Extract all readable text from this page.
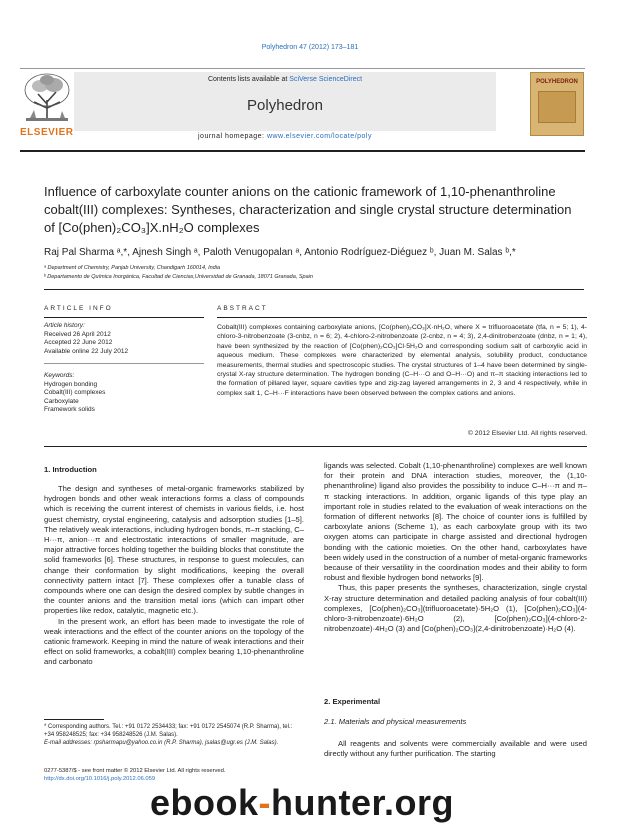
Polyhedron 47 (2012) 173–181
ELSEVIER
Contents lists available at SciVerse ScienceDirect
Polyhedron
journal homepage: www.elsevier.com/locate/poly
POLYHEDRON
Influence of carboxylate counter anions on the cationic framework of 1,10-phenanthroline cobalt(III) complexes: Syntheses, characterization and single crystal structure determination of [Co(phen)₂CO₃]X.nH₂O complexes
Raj Pal Sharma ᵃ,*, Ajnesh Singh ᵃ, Paloth Venugopalan ᵃ, Antonio Rodríguez-Diéguez ᵇ, Juan M. Salas ᵇ,*
ᵃ Department of Chemistry, Panjab University, Chandigarh 160014, India
ᵇ Departamento de Química Inorgánica, Facultad de Ciencias,Universidad de Granada, 18071 Granada, Spain
ARTICLE INFO
Article history:
Received 26 April 2012
Accepted 22 June 2012
Available online 22 July 2012
Keywords:
Hydrogen bonding
Cobalt(III) complexes
Carboxylate
Framework solids
ABSTRACT
Cobalt(III) complexes containing carboxylate anions, [Co(phen)₂CO₃]X·nH₂O, where X = trifluoroacetate (tfa, n = 5; 1), 4-chloro-3-nitrobenzoate (3-cnbz, n = 6; 2), 4-chloro-2-nitrobenzoate (2-cnbz, n = 4; 3), 2,4-dinitrobenzoate (dnbz, n = 1; 4), have been synthesized by the reaction of [Co(phen)₂CO₃]Cl·5H₂O and corresponding sodium salt of carboxylic acid in aqueous medium. These complexes were characterized by elemental analysis, solubility product, conductance measurements, thermal studies and spectroscopic studies. The crystal structures of 1–4 have been determined by single-crystal X-ray structure determination. The hydrogen bonding (C–H···O and O–H···O) and π–π stacking interactions led to the formation of pillared layer, square cavities type and zig-zag layered arrangements in 2, 3 and 4 respectively, while in complex salt 1, C–H···F interactions have been observed between the complex cations and anions.
© 2012 Elsevier Ltd. All rights reserved.
1. Introduction

The design and syntheses of metal-organic frameworks stabilized by hydrogen bonds and other weak interactions forms a class of compounds which is receiving the current interest of chemists in various fields, i.e. host guest chemistry, crystal engineering, catalysis and adsorption studies [1–5]. The relatively weak interactions, including hydrogen bonds, π–π stacking, C–H···π, anion···π and electrostatic interactions of smaller magnitude, are major attractive forces holding together the building blocks that constitute the solid frameworks [6]. These structures, in response to guest molecules, can change their conformation by slight modifications, keeping the overall connectivity pattern intact [7]. These complexes offer a tunable class of compounds where one can design the desired complex by subtle changes in the counter anions and the transition metal ions (which can impart other properties like redox, catalytic, magnetic etc.).

In the present work, an effort has been made to investigate the role of weak interactions and the effect of the counter anions on the topology of the cationic framework. Keeping in mind the nature of weak interactions and their effect on solid frameworks, a cobalt(III) complex bearing 1,10-phenanthroline and carbonato

* Corresponding authors. Tel.: +91 0172 2534433; fax: +91 0172 2545074 (R.P. Sharma), tel.: +34 958248525; fax: +34 958248526 (J.M. Salas).
E-mail addresses: rpsharmapu@yahoo.co.in (R.P. Sharma), jsalas@ugr.es (J.M. Salas).
0277-5387/$ - see front matter © 2012 Elsevier Ltd. All rights reserved.
http://dx.doi.org/10.1016/j.poly.2012.06.059

ligands was selected. Cobalt (1,10-phenanthroline) complexes are well known for their protein and DNA interaction studies, moreover, the (1,10-phenanthroline) ligand also provides the possibility to induce C–H···π and π–π stacking interactions. In addition, organic ligands of this type play an important role in studies related to the evaluation of weak interactions on the formation of different networks [8]. The choice of counter ions is fulfilled by carboxylate anions (Scheme 1), as each carboxylate group with its two oxygen atoms can participate in charge assisted and directional hydrogen bonding with the cationic moieties. On the other hand, carboxylates have been widely used in the construction of a number of metal-organic frameworks because of their versatility in the coordination modes and their ability to form robust and flexible hydrogen bond networks [9].

Thus, this paper presents the syntheses, characterization, single crystal X-ray structure determination and detailed packing analysis of four cobalt(III) complexes, [Co(phen)₂CO₃](trifluoroacetate)·5H₂O (1), [Co(phen)₂CO₃](4-chloro-3-nitrobenzoate)·6H₂O (2), [Co(phen)₂CO₃](4-chloro-2-nitrobenzoate)·4H₂O (3) and [Co(phen)₂CO₃](2,4-dinitrobenzoate)·H₂O (4).

2. Experimental
2.1. Materials and physical measurements

All reagents and solvents were commercially available and were used directly without any further purification. The starting

ebook-hunter.org
